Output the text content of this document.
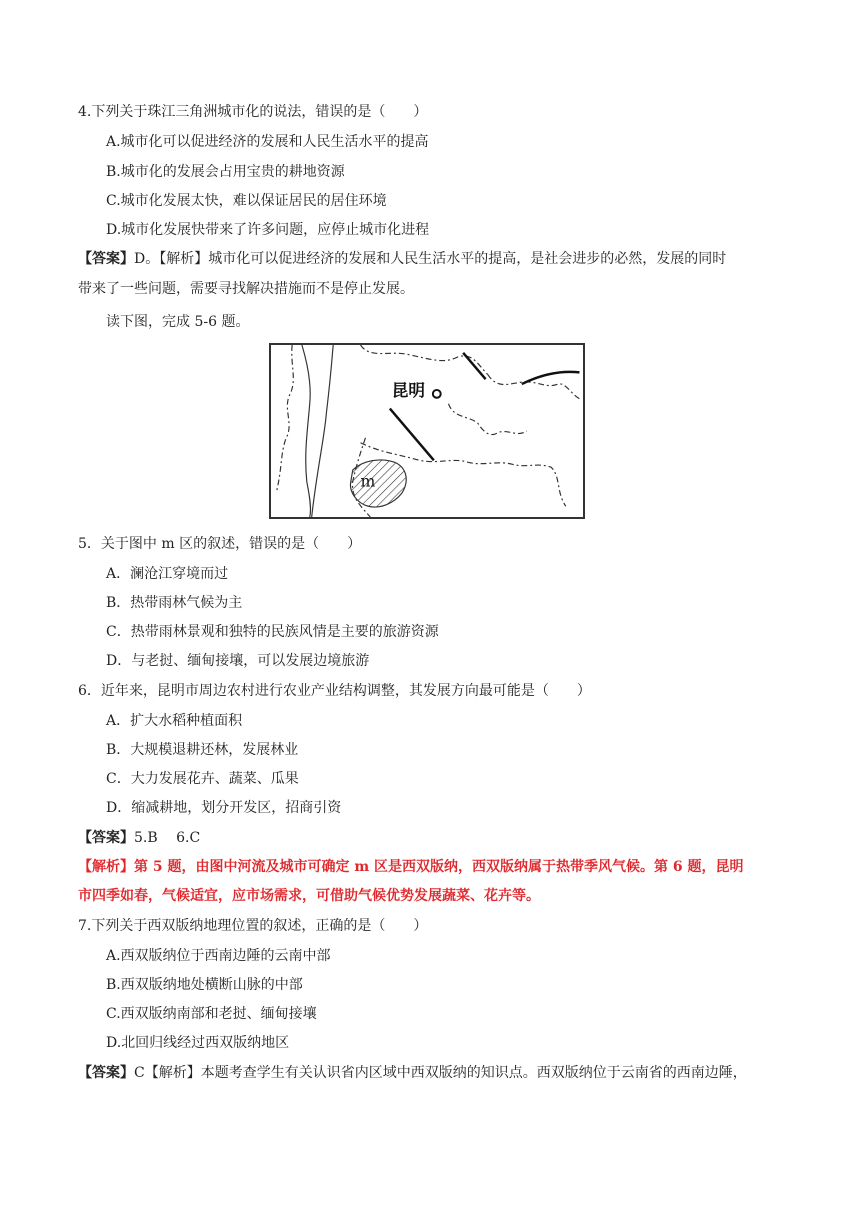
4.下列关于珠江三角洲城市化的说法，错误的是（　　）
A.城市化可以促进经济的发展和人民生活水平的提高
B.城市化的发展会占用宝贵的耕地资源
C.城市化发展太快，难以保证居民的居住环境
D.城市化发展快带来了许多问题，应停止城市化进程
【答案】D。【解析】城市化可以促进经济的发展和人民生活水平的提高，是社会进步的必然，发展的同时
带来了一些问题，需要寻找解决措施而不是停止发展。
读下图，完成 5-6 题。
昆明
m
5．关于图中 m 区的叙述，错误的是（　　）
A．澜沧江穿境而过
B．热带雨林气候为主
C．热带雨林景观和独特的民族风情是主要的旅游资源
D．与老挝、缅甸接壤，可以发展边境旅游
6．近年来，昆明市周边农村进行农业产业结构调整，其发展方向最可能是（　　）
A．扩大水稻种植面积
B．大规模退耕还林，发展林业
C．大力发展花卉、蔬菜、瓜果
D．缩减耕地，划分开发区，招商引资
【答案】5.B　 6.C
【解析】第 5 题，由图中河流及城市可确定 m 区是西双版纳，西双版纳属于热带季风气候。第 6 题，昆明
市四季如春，气候适宜，应市场需求，可借助气候优势发展蔬菜、花卉等。
7.下列关于西双版纳地理位置的叙述，正确的是（　　）
A.西双版纳位于西南边陲的云南中部
B.西双版纳地处横断山脉的中部
C.西双版纳南部和老挝、缅甸接壤
D.北回归线经过西双版纳地区
【答案】C【解析】本题考查学生有关认识省内区域中西双版纳的知识点。西双版纳位于云南省的西南边陲，
